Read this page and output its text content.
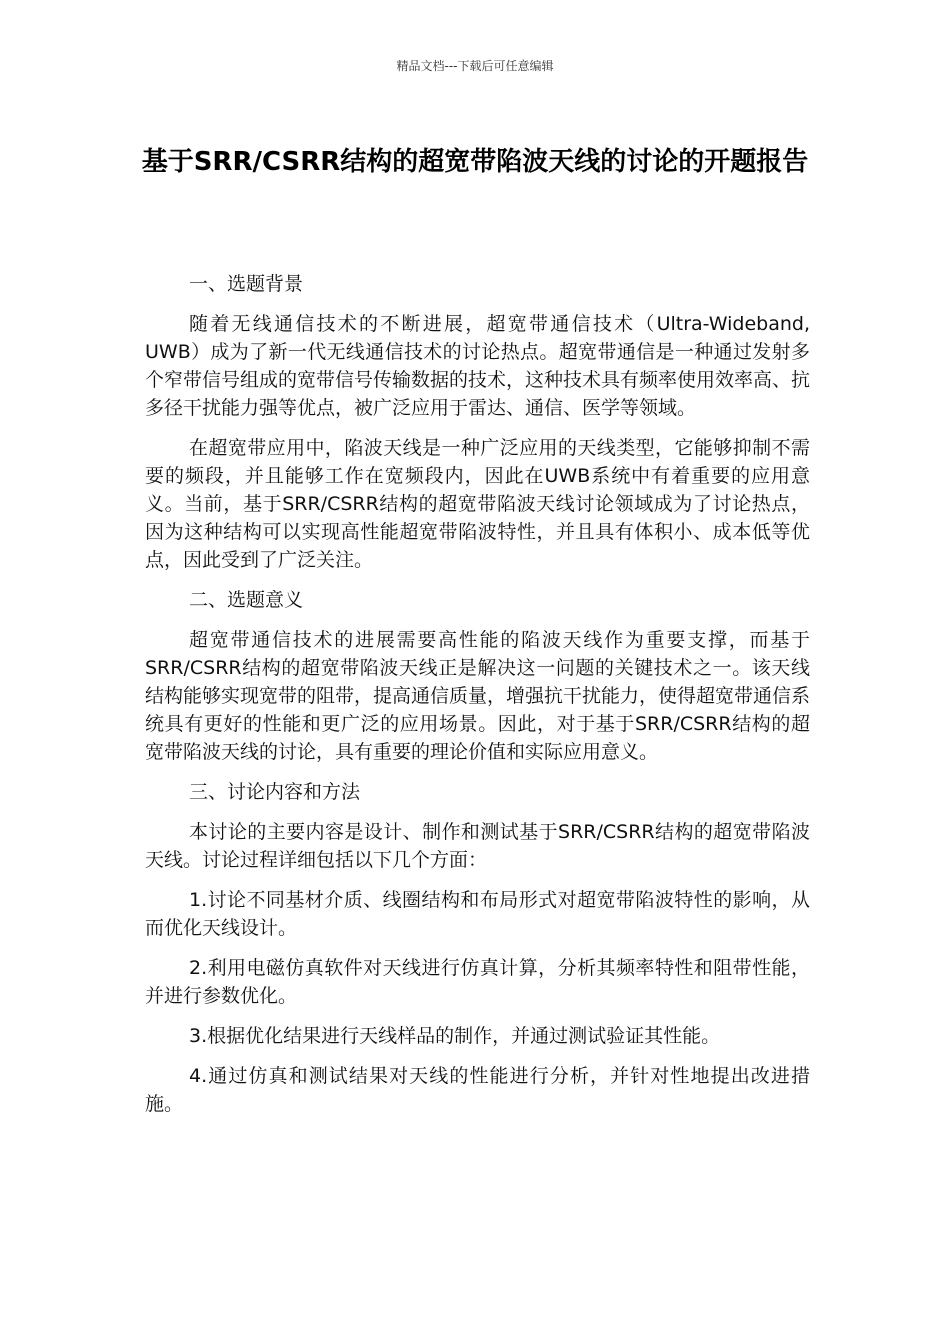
精品文档---下载后可任意编辑
基于SRR/CSRR结构的超宽带陷波天线的讨论的开题报告

一、选题背景

随着无线通信技术的不断进展，超宽带通信技术（Ultra-Wideband, UWB）成为了新一代无线通信技术的讨论热点。超宽带通信是一种通过发射多个窄带信号组成的宽带信号传输数据的技术，这种技术具有频率使用效率高、抗多径干扰能力强等优点，被广泛应用于雷达、通信、医学等领域。

在超宽带应用中，陷波天线是一种广泛应用的天线类型，它能够抑制不需要的频段，并且能够工作在宽频段内，因此在UWB系统中有着重要的应用意义。当前，基于SRR/CSRR结构的超宽带陷波天线讨论领域成为了讨论热点，因为这种结构可以实现高性能超宽带陷波特性，并且具有体积小、成本低等优点，因此受到了广泛关注。

二、选题意义

超宽带通信技术的进展需要高性能的陷波天线作为重要支撑，而基于SRR/CSRR结构的超宽带陷波天线正是解决这一问题的关键技术之一。该天线结构能够实现宽带的阻带，提高通信质量，增强抗干扰能力，使得超宽带通信系统具有更好的性能和更广泛的应用场景。因此，对于基于SRR/CSRR结构的超宽带陷波天线的讨论，具有重要的理论价值和实际应用意义。

三、讨论内容和方法

本讨论的主要内容是设计、制作和测试基于SRR/CSRR结构的超宽带陷波天线。讨论过程详细包括以下几个方面：

1.讨论不同基材介质、线圈结构和布局形式对超宽带陷波特性的影响，从而优化天线设计。

2.利用电磁仿真软件对天线进行仿真计算，分析其频率特性和阻带性能，并进行参数优化。

3.根据优化结果进行天线样品的制作，并通过测试验证其性能。

4.通过仿真和测试结果对天线的性能进行分析，并针对性地提出改进措施。
